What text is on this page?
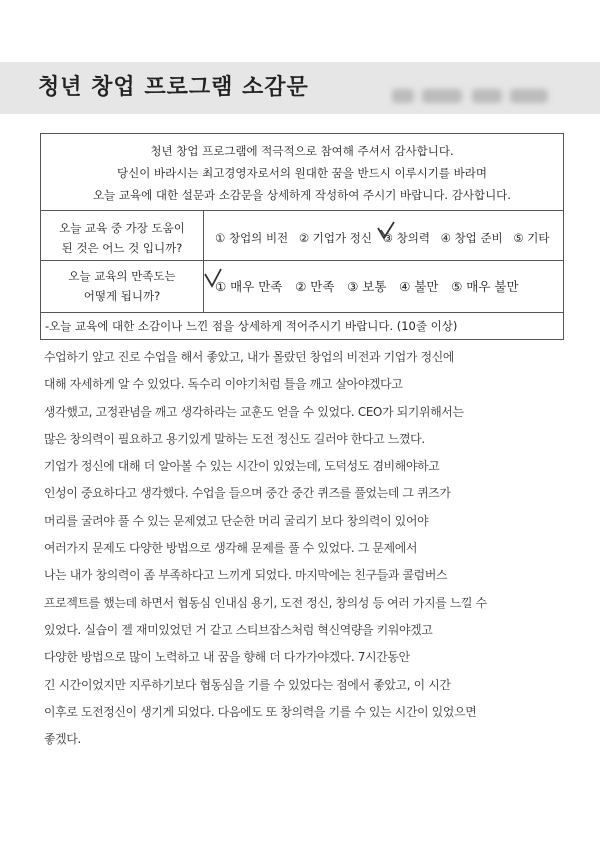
청년 창업 프로그램 소감문
청년 창업 프로그램에 적극적으로 참여해 주셔서 감사합니다.
당신이 바라시는 최고경영자로서의 원대한 꿈을 반드시 이루시기를 바라며
오늘 교육에 대한 설문과 소감문을 상세하게 작성하여 주시기 바랍니다. 감사합니다.
오늘 교육 중 가장 도움이
된 것은 어느 것 입니까?
① 창업의 비전 ② 기업가 정신 ③ 창의력 ④ 창업 준비 ⑤ 기타
오늘 교육의 만족도는
어떻게 됩니까?
① 매우 만족 ② 만족 ③ 보통 ④ 불만 ⑤ 매우 불만
-오늘 교육에 대한 소감이나 느낀 점을 상세하게 적어주시기 바랍니다. (10줄 이상)
수업하기 앞고 진로 수업을 해서 좋았고, 내가 몰랐던 창업의 비전과 기업가 정신에
대해 자세하게 알 수 있었다. 독수리 이야기처럼 틀을 깨고 살아야겠다고
생각했고, 고정관념을 깨고 생각하라는 교훈도 얻을 수 있었다. CEO가 되기위해서는
많은 창의력이 필요하고 용기있게 말하는 도전 정신도 길러야 한다고 느꼈다.
기업가 정신에 대해 더 알아볼 수 있는 시간이 있었는데, 도덕성도 겸비해야하고
인성이 중요하다고 생각했다. 수업을 들으며 중간 중간 퀴즈를 풀었는데 그 퀴즈가
머리를 굴려야 풀 수 있는 문제였고 단순한 머리 굴리기 보다 창의력이 있어야
여러가지 문제도 다양한 방법으로 생각해 문제를 풀 수 있었다. 그 문제에서
나는 내가 창의력이 좀 부족하다고 느끼게 되었다. 마지막에는 친구들과 콜럼버스
프로젝트를 했는데 하면서 협동심 인내심 용기, 도전 정신, 창의성 등 여러 가지를 느낄 수
있었다. 실습이 젤 재미있었던 거 같고 스티브잡스처럼 혁신역량을 키워야겠고
다양한 방법으로 많이 노력하고 내 꿈을 향해 더 다가가야겠다. 7시간동안
긴 시간이었지만 지루하기보다 협동심을 기를 수 있었다는 점에서 좋았고, 이 시간
이후로 도전정신이 생기게 되었다. 다음에도 또 창의력을 기를 수 있는 시간이 있었으면
좋겠다.
